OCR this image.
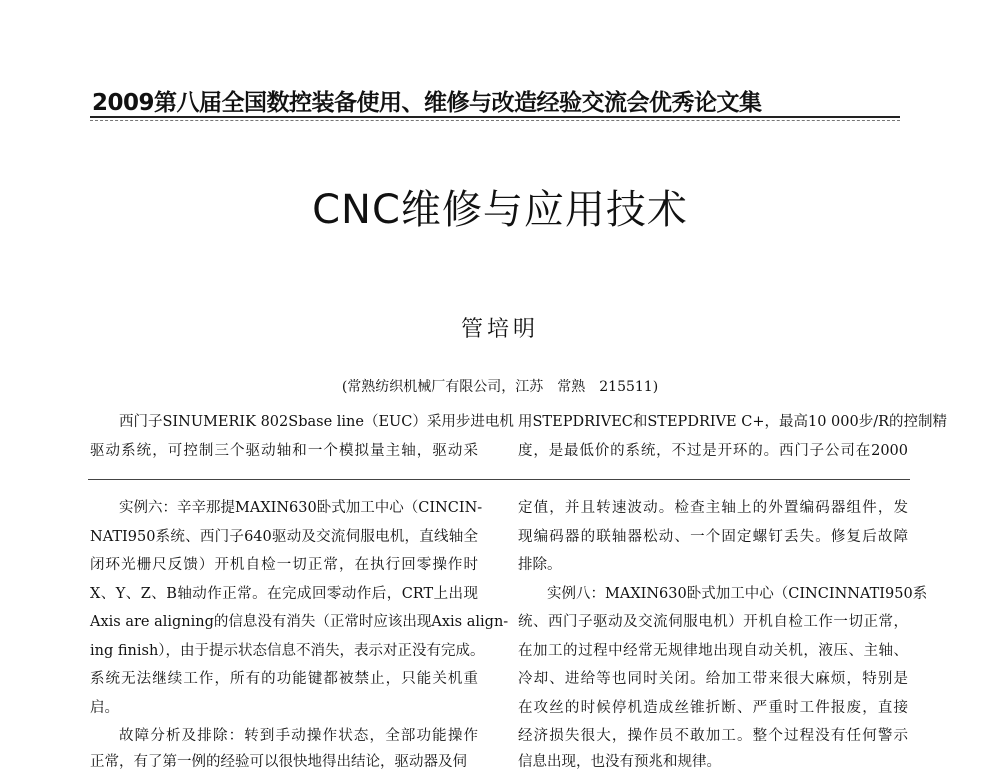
2009第八届全国数控装备使用、维修与改造经验交流会优秀论文集
CNC维修与应用技术
管培明
(常熟纺织机械厂有限公司，江苏　常熟　215511)
西门子SINUMERIK 802Sbase line（EUC）采用步进电机
驱动系统，可控制三个驱动轴和一个模拟量主轴，驱动采
用STEPDRIVEC和STEPDRIVE C+，最高10 000步/R的控制精
度，是最低价的系统，不过是开环的。西门子公司在2000
实例六：辛辛那提MAXIN630卧式加工中心（CINCIN-
NATI950系统、西门子640驱动及交流伺服电机，直线轴全
闭环光栅尺反馈）开机自检一切正常，在执行回零操作时
X、Y、Z、B轴动作正常。在完成回零动作后，CRT上出现
Axis are aligning的信息没有消失（正常时应该出现Axis align-
ing finish），由于提示状态信息不消失，表示对正没有完成。
系统无法继续工作，所有的功能键都被禁止，只能关机重
启。
故障分析及排除：转到手动操作状态，全部功能操作
正常，有了第一例的经验可以很快地得出结论，驱动器及伺
定值，并且转速波动。检查主轴上的外置编码器组件，发
现编码器的联轴器松动、一个固定螺钉丢失。修复后故障
排除。
实例八：MAXIN630卧式加工中心（CINCINNATI950系
统、西门子驱动及交流伺服电机）开机自检工作一切正常，
在加工的过程中经常无规律地出现自动关机，液压、主轴、
冷却、进给等也同时关闭。给加工带来很大麻烦，特别是
在攻丝的时候停机造成丝锥折断、严重时工件报废，直接
经济损失很大，操作员不敢加工。整个过程没有任何警示
信息出现，也没有预兆和规律。
